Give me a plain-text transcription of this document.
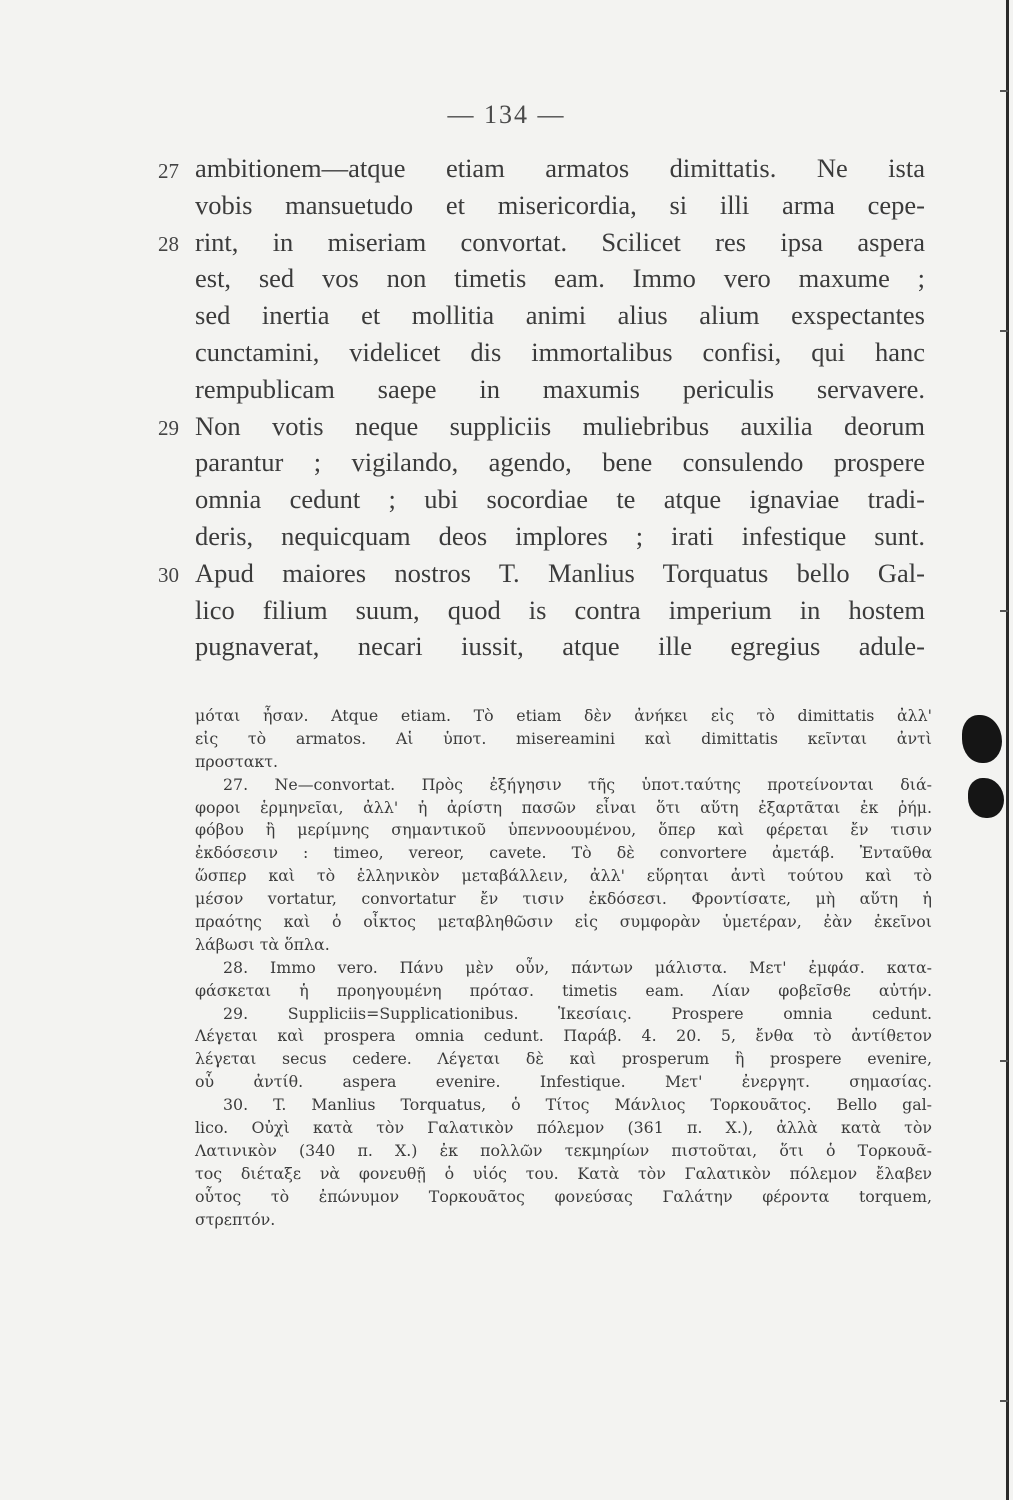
— 134 —
27
28
29
30
ambitionem—atque etiam armatos dimittatis. Ne ista
vobis mansuetudo et misericordia, si illi arma cepe-
rint, in miseriam convortat. Scilicet res ipsa aspera
est, sed vos non timetis eam. Immo vero maxume ;
sed inertia et mollitia animi alius alium exspectantes
cunctamini, videlicet dis immortalibus confisi, qui hanc
rempublicam saepe in maxumis periculis servavere.
Non votis neque suppliciis muliebribus auxilia deorum
parantur ; vigilando, agendo, bene consulendo prospere
omnia cedunt ; ubi socordiae te atque ignaviae tradi-
deris, nequicquam deos implores ; irati infestique sunt.
Apud maiores nostros T. Manlius Torquatus bello Gal-
lico filium suum, quod is contra imperium in hostem
pugnaverat, necari iussit, atque ille egregius adule-
μόται ἦσαν. Atque etiam. Τὸ etiam δὲν ἀνήκει εἰς τὸ dimittatis ἀλλ'
εἰς τὸ armatos. Αἱ ὑποτ. misereamini καὶ dimittatis κεῖνται ἀντὶ
προστακτ.
27. Ne—convortat. Πρὸς ἐξήγησιν τῆς ὑποτ.ταύτης προτείνονται διά-
φοροι ἑρμηνεῖαι, ἀλλ' ἡ ἀρίστη πασῶν εἶναι ὅτι αὕτη ἐξαρτᾶται ἐκ ῥήμ.
φόβου ἢ μερίμνης σημαντικοῦ ὑπεννοουμένου, ὅπερ καὶ φέρεται ἔν τισιν
ἐκδόσεσιν : timeo, vereor, cavete. Τὸ δὲ convortere ἀμετάβ. Ἐνταῦθα
ὥσπερ καὶ τὸ ἑλληνικὸν μεταβάλλειν, ἀλλ' εὕρηται ἀντὶ τούτου καὶ τὸ
μέσον vortatur, convortatur ἔν τισιν ἐκδόσεσι. Φροντίσατε, μὴ αὕτη ἡ
πραότης καὶ ὁ οἶκτος μεταβληθῶσιν εἰς συμφορὰν ὑμετέραν, ἐὰν ἐκεῖνοι
λάβωσι τὰ ὅπλα.
28. Immo vero. Πάνυ μὲν οὖν, πάντων μάλιστα. Μετ' ἐμφάσ. κατα-
φάσκεται ἡ προηγουμένη πρότασ. timetis eam. Λίαν φοβεῖσθε αὐτήν.
29. Suppliciis=Supplicationibus. Ἱκεσίαις. Prospere omnia cedunt.
Λέγεται καὶ prospera omnia cedunt. Παράβ. 4. 20. 5, ἔνθα τὸ ἀντίθετον
λέγεται secus cedere. Λέγεται δὲ καὶ prosperum ἢ prospere evenire,
οὗ ἀντίθ. aspera evenire. Infestique. Μετ' ἐνεργητ. σημασίας.
30. T. Manlius Torquatus, ὁ Τίτος Μάνλιος Τορκουᾶτος. Bello gal-
lico. Οὐχὶ κατὰ τὸν Γαλατικὸν πόλεμον (361 π. Χ.), ἀλλὰ κατὰ τὸν
Λατινικὸν (340 π. Χ.) ἐκ πολλῶν τεκμηρίων πιστοῦται, ὅτι ὁ Τορκουᾶ-
τος διέταξε νὰ φονευθῇ ὁ υἱός του. Κατὰ τὸν Γαλατικὸν πόλεμον ἔλαβεν
οὗτος τὸ ἐπώνυμον Τορκουᾶτος φονεύσας Γαλάτην φέροντα torquem,
στρεπτόν.
